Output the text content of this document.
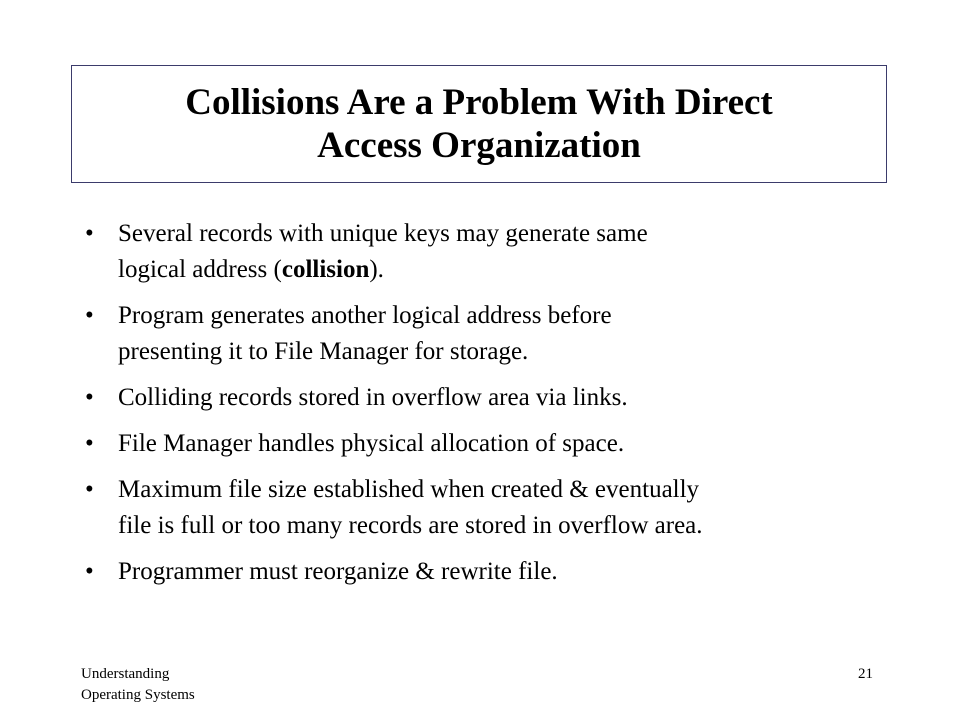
Collisions Are a Problem With Direct
Access Organization
• Several records with unique keys may generate same
logical address (collision).
• Program generates another logical address before
presenting it to File Manager for storage.
• Colliding records stored in overflow area via links.
• File Manager handles physical allocation of space.
• Maximum file size established when created & eventually
file is full or too many records are stored in overflow area.
• Programmer must reorganize & rewrite file.
Understanding
Operating Systems
21
